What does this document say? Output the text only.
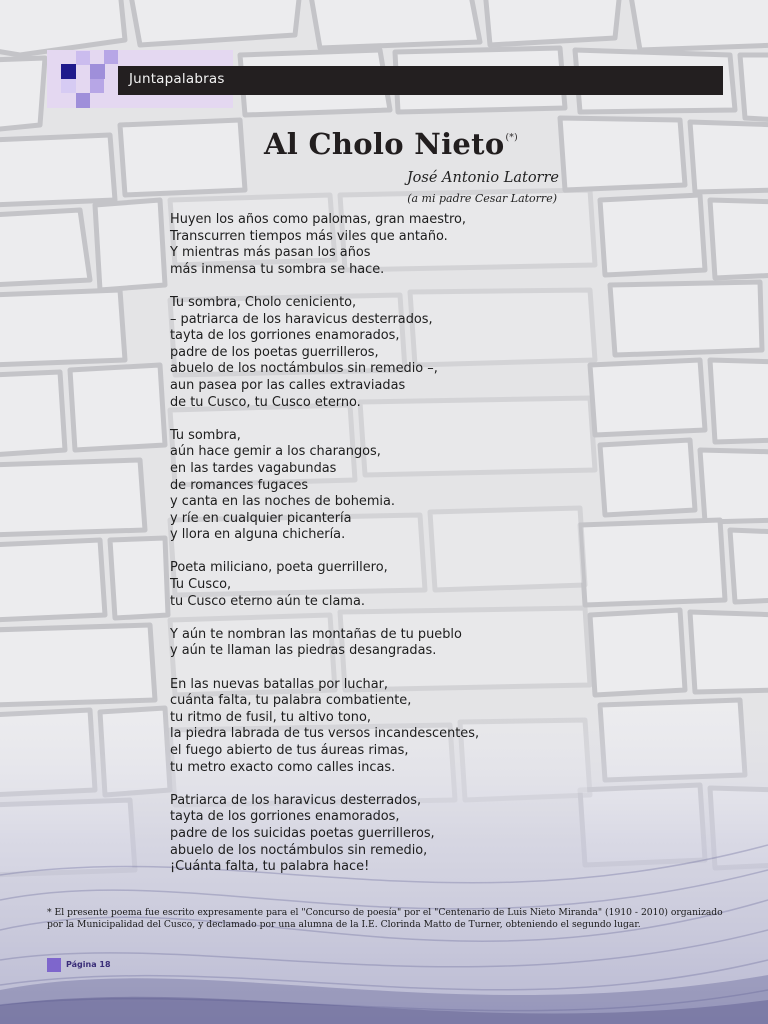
Juntapalabras
Al Cholo Nieto(*)
José Antonio Latorre
(a mi padre Cesar Latorre)
Huyen los años como palomas, gran maestro,
Transcurren tiempos más viles que antaño.
Y mientras más pasan los años
más inmensa tu sombra se hace.
Tu sombra, Cholo ceniciento,
– patriarca de los haravicus desterrados,
tayta de los gorriones enamorados,
padre de los poetas guerrilleros,
abuelo de los noctámbulos sin remedio –,
aun pasea por las calles extraviadas
de tu Cusco, tu Cusco eterno.
Tu sombra,
aún hace gemir a los charangos,
en las tardes vagabundas
de romances fugaces
y canta en las noches de bohemia.
y ríe en cualquier picantería
y llora en alguna chichería.
Poeta miliciano, poeta guerrillero,
Tu Cusco,
tu Cusco eterno aún te clama.
Y aún te nombran las montañas de tu pueblo
y aún te llaman las piedras desangradas.
En las nuevas batallas por luchar,
cuánta falta, tu palabra combatiente,
tu ritmo de fusil, tu altivo tono,
la piedra labrada de tus versos incandescentes,
el fuego abierto de tus áureas rimas,
tu metro exacto como calles incas.
Patriarca de los haravicus desterrados,
tayta de los gorriones enamorados,
padre de los suicidas poetas guerrilleros,
abuelo de los noctámbulos sin remedio,
¡Cuánta falta, tu palabra hace!
* El presente poema fue escrito expresamente para el "Concurso de poesía" por el "Centenario de Luis Nieto Miranda" (1910 - 2010) organizado por la Municipalidad del Cusco, y declamado por una alumna de la I.E. Clorinda Matto de Turner, obteniendo el segundo lugar.
Página 18
